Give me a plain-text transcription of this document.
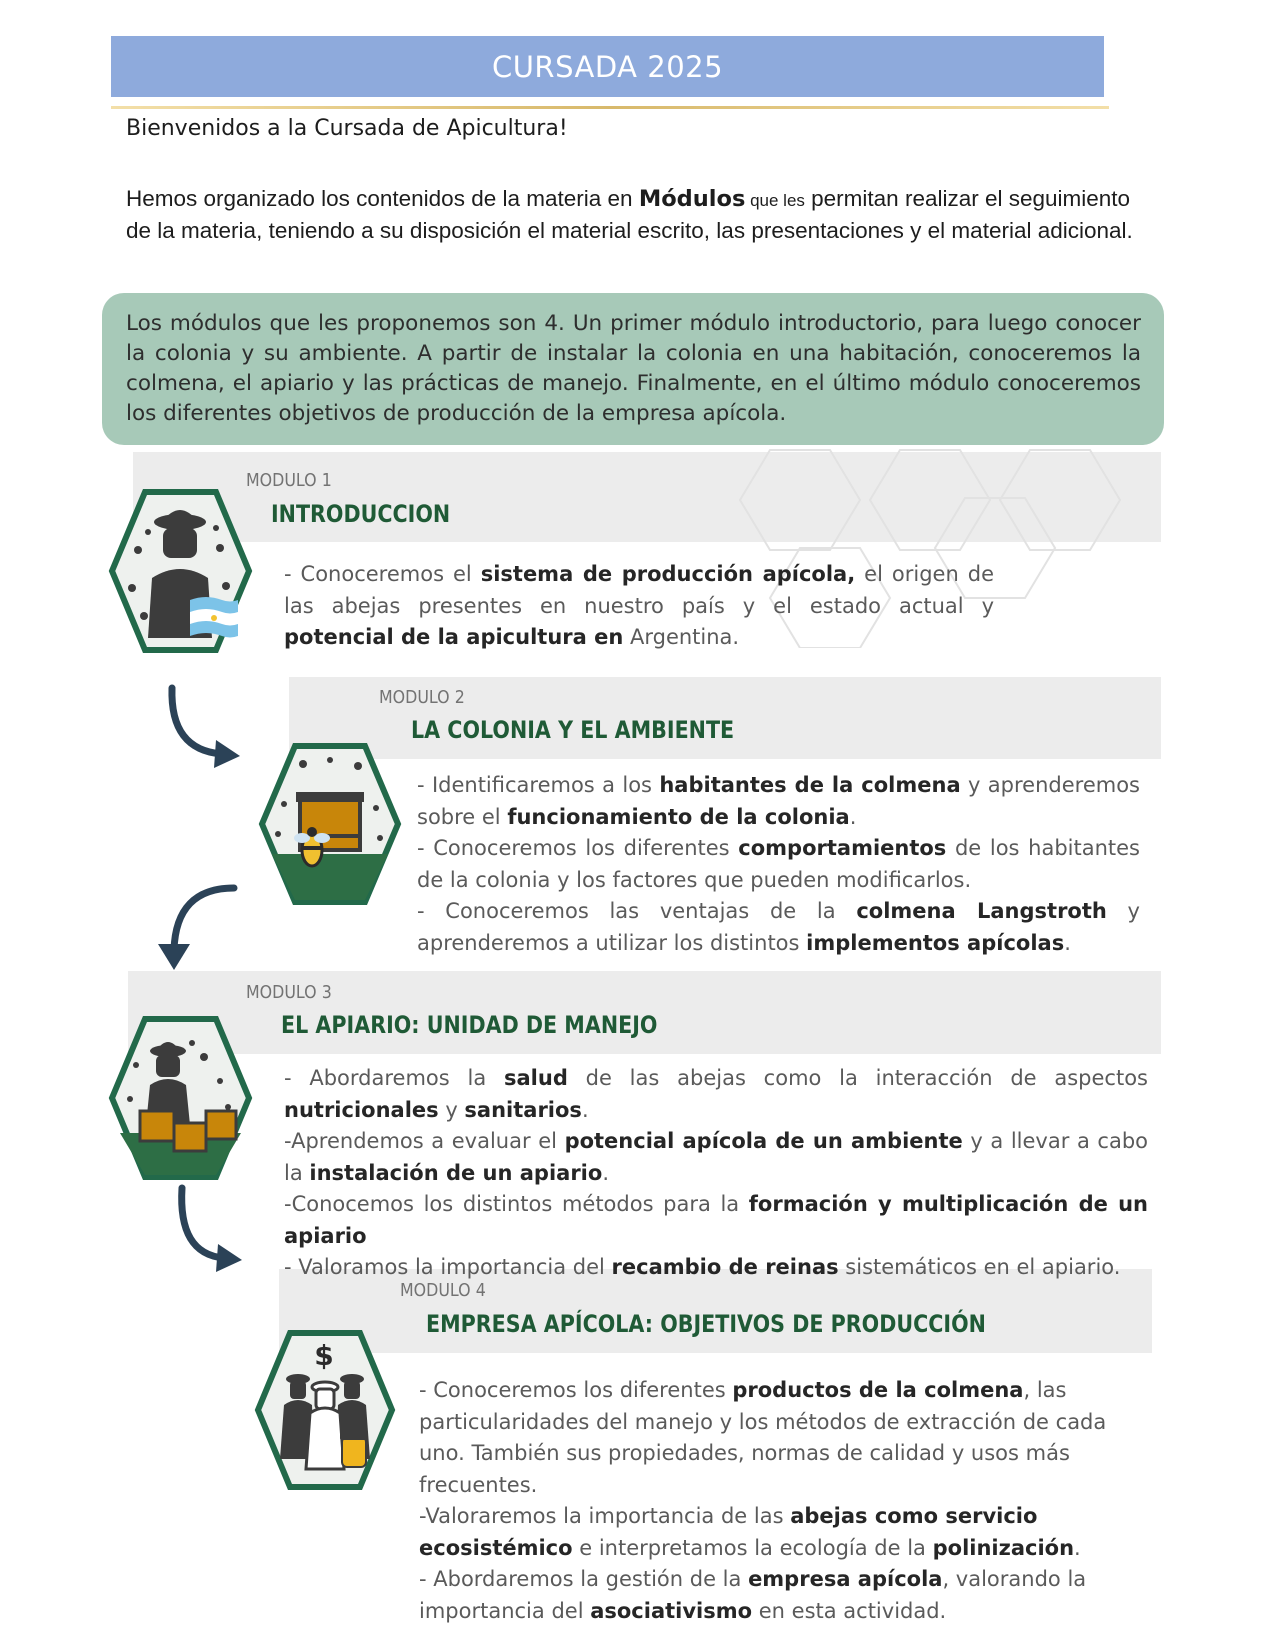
CURSADA 2025
Bienvenidos a la Cursada de Apicultura!
Hemos organizado los contenidos de la materia en Módulos que les permitan realizar el seguimiento de la materia, teniendo a su disposición el material escrito, las presentaciones y el material adicional.

Los módulos que les proponemos son 4. Un primer módulo introductorio, para luego conocer la colonia y su ambiente. A partir de instalar la colonia en una habitación, conoceremos la colmena, el apiario y las prácticas de manejo. Finalmente, en el último módulo conoceremos los diferentes objetivos de producción de la empresa apícola.

MODULO 1
INTRODUCCION

- Conoceremos el sistema de producción apícola, el origen de las abejas presentes en nuestro país y el estado actual y potencial de la apicultura en Argentina.

MODULO 2
LA COLONIA Y EL AMBIENTE

- Identificaremos a los habitantes de la colmena y aprenderemos sobre el funcionamiento de la colonia.

- Conoceremos los diferentes comportamientos de los habitantes de la colonia y los factores que pueden modificarlos.

- Conoceremos las ventajas de la colmena Langstroth y aprenderemos a utilizar los distintos implementos apícolas.

MODULO 3
EL APIARIO: UNIDAD DE MANEJO

- Abordaremos la salud de las abejas como la interacción de aspectos nutricionales y sanitarios.

-Aprendemos a evaluar el potencial apícola de un ambiente y a llevar a cabo la instalación de un apiario.

-Conocemos los distintos métodos para la formación y multiplicación de un apiario

- Valoramos la importancia del recambio de reinas sistemáticos en el apiario.

MODULO 4
EMPRESA APÍCOLA: OBJETIVOS DE PRODUCCIÓN

- Conoceremos los diferentes productos de la colmena, las particularidades del manejo y los métodos de extracción de cada uno. También sus propiedades, normas de calidad y usos más frecuentes.

-Valoraremos la importancia de las abejas como servicio ecosistémico e interpretamos la ecología de la polinización.

- Abordaremos la gestión de la empresa apícola, valorando la importancia del asociativismo en esta actividad.

$
